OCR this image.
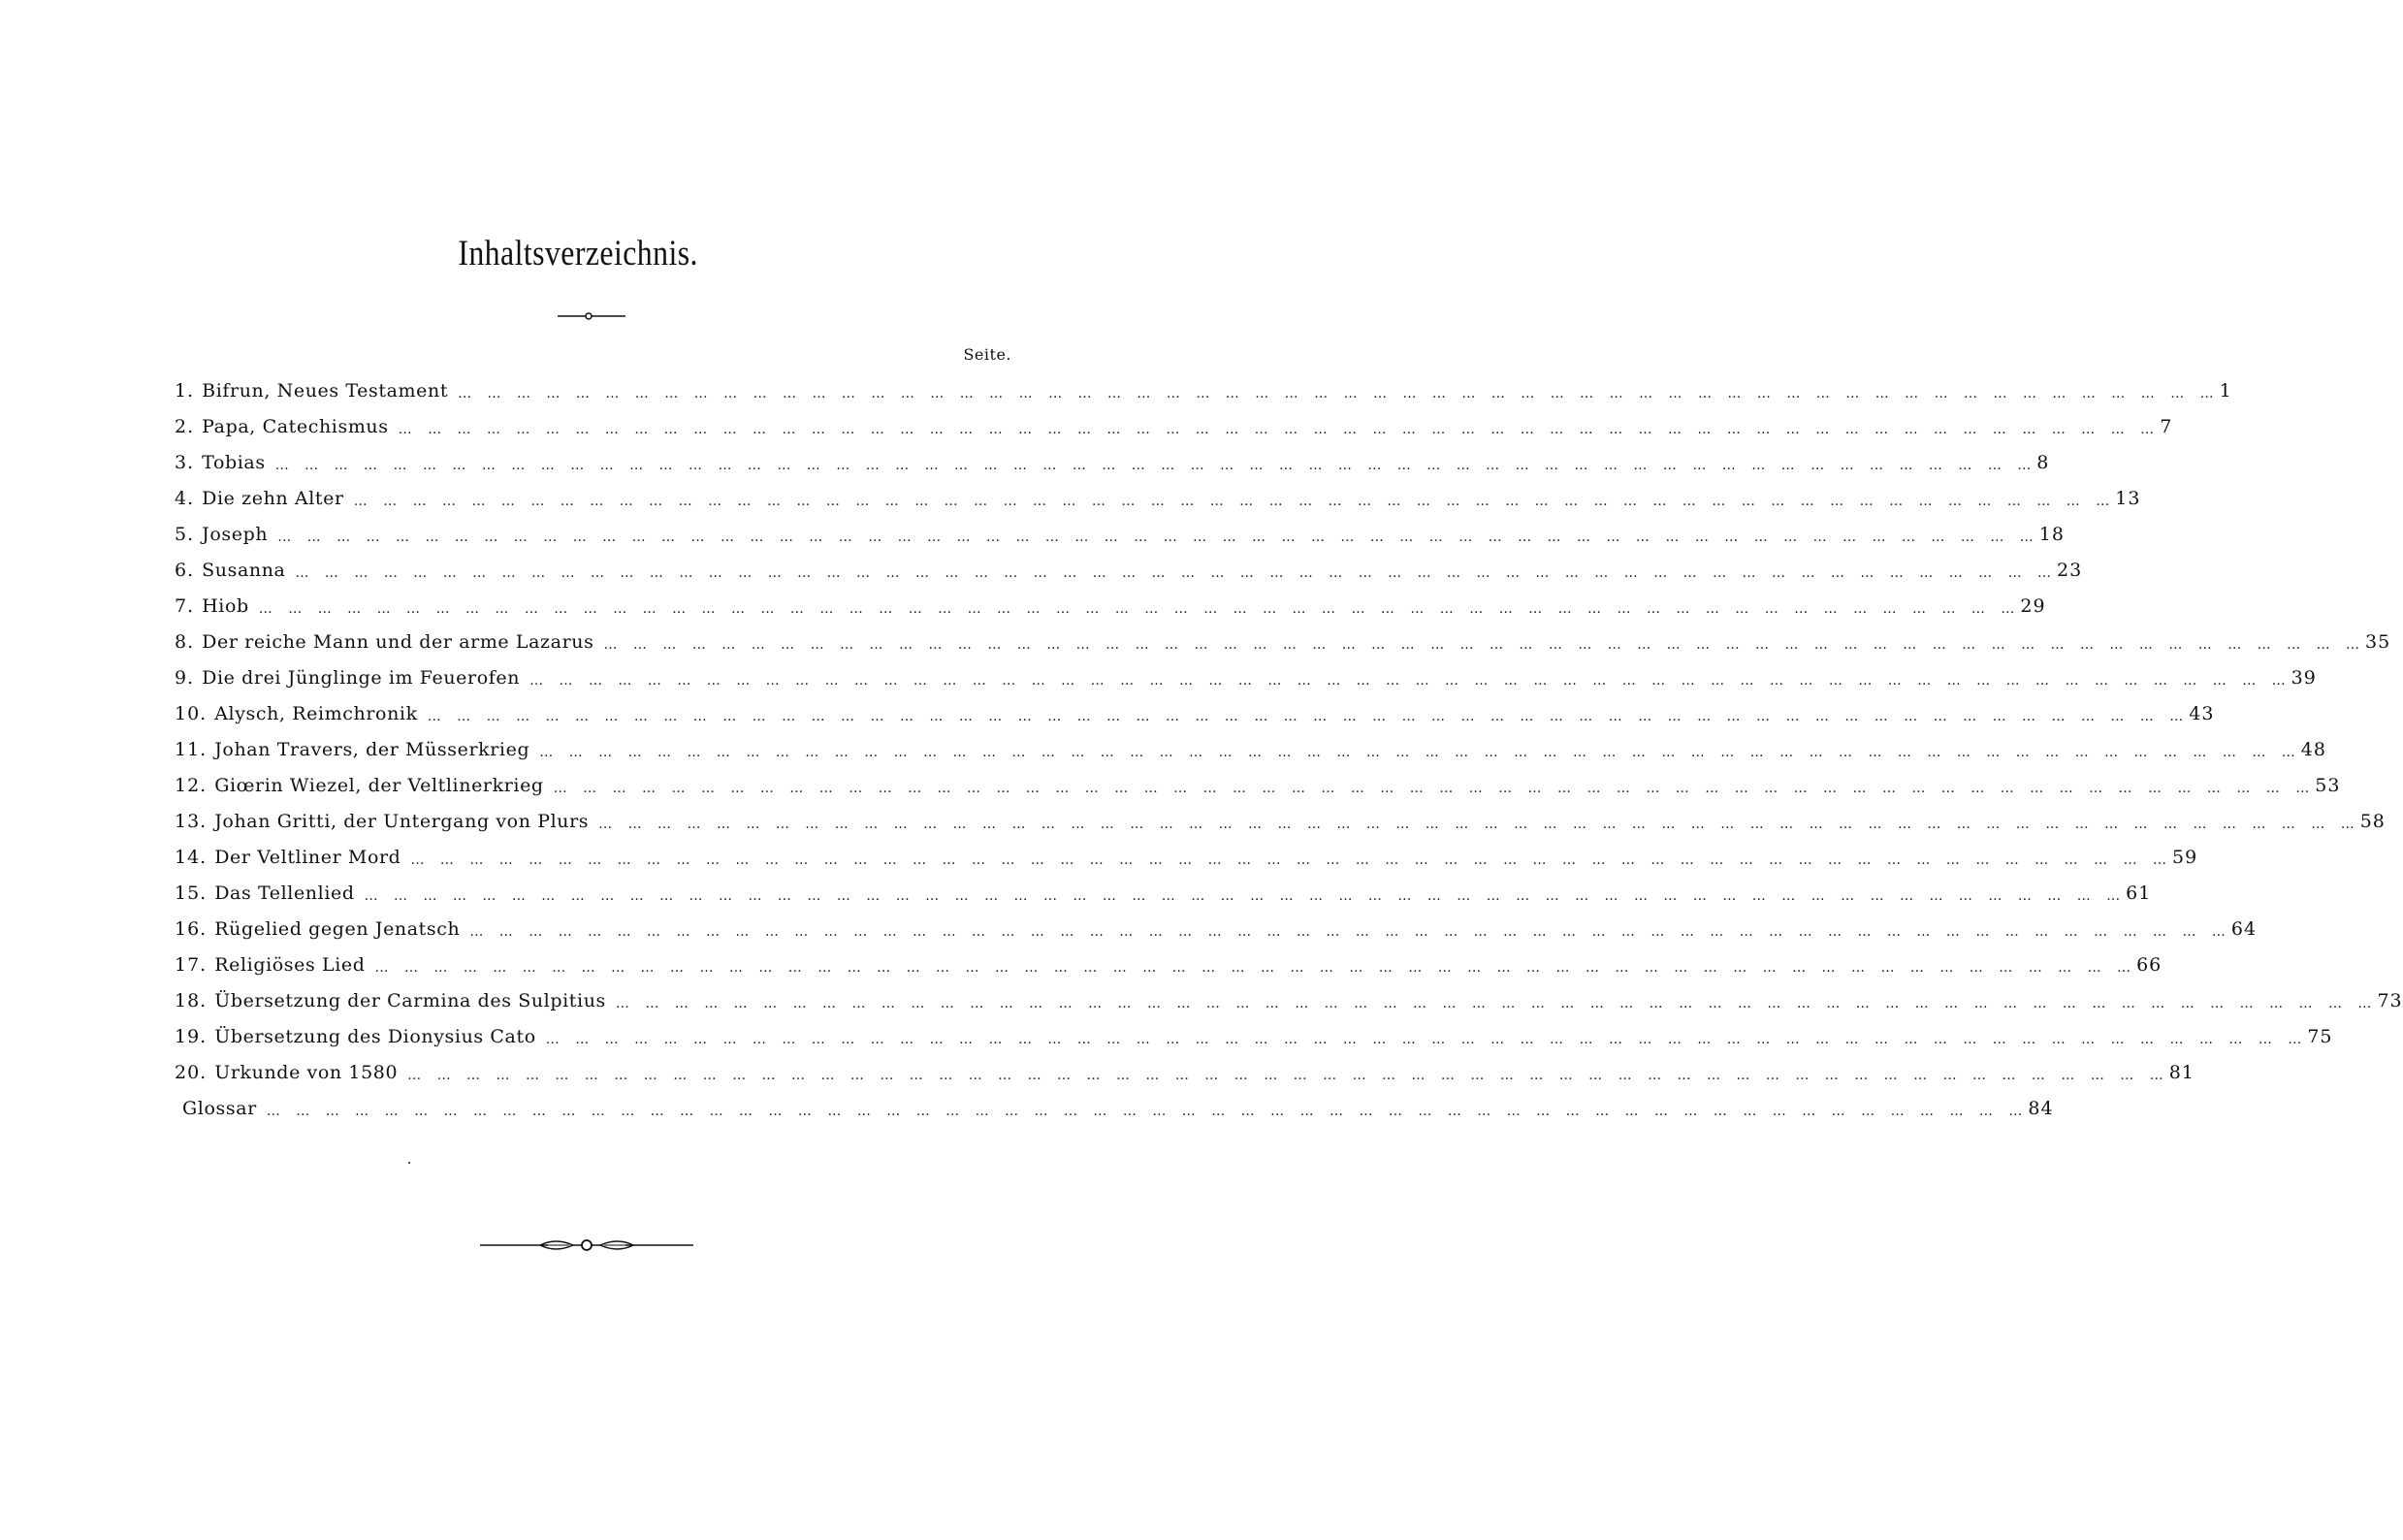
Inhaltsverzeichnis.
Seite.
1. Bifrun, Neues Testament … … … … … … … … … … … … … … … … … … … … … … … … … … … … … … … … … … … … … … … … … … … … … … … … … … … … … … … … … … … … 1
2. Papa, Catechismus … … … … … … … … … … … … … … … … … … … … … … … … … … … … … … … … … … … … … … … … … … … … … … … … … … … … … … … … … … … … 7
3. Tobias … … … … … … … … … … … … … … … … … … … … … … … … … … … … … … … … … … … … … … … … … … … … … … … … … … … … … … … … … … … … 8
4. Die zehn Alter … … … … … … … … … … … … … … … … … … … … … … … … … … … … … … … … … … … … … … … … … … … … … … … … … … … … … … … … … … … … 13
5. Joseph … … … … … … … … … … … … … … … … … … … … … … … … … … … … … … … … … … … … … … … … … … … … … … … … … … … … … … … … … … … … 18
6. Susanna … … … … … … … … … … … … … … … … … … … … … … … … … … … … … … … … … … … … … … … … … … … … … … … … … … … … … … … … … … … … 23
7. Hiob … … … … … … … … … … … … … … … … … … … … … … … … … … … … … … … … … … … … … … … … … … … … … … … … … … … … … … … … … … … … 29
8. Der reiche Mann und der arme Lazarus … … … … … … … … … … … … … … … … … … … … … … … … … … … … … … … … … … … … … … … … … … … … … … … … … … … … … … … … … … … … 35
9. Die drei Jünglinge im Feuerofen … … … … … … … … … … … … … … … … … … … … … … … … … … … … … … … … … … … … … … … … … … … … … … … … … … … … … … … … … … … … 39
10. Alysch, Reimchronik … … … … … … … … … … … … … … … … … … … … … … … … … … … … … … … … … … … … … … … … … … … … … … … … … … … … … … … … … … … … 43
11. Johan Travers, der Müsserkrieg … … … … … … … … … … … … … … … … … … … … … … … … … … … … … … … … … … … … … … … … … … … … … … … … … … … … … … … … … … … … 48
12. Giœrin Wiezel, der Veltlinerkrieg … … … … … … … … … … … … … … … … … … … … … … … … … … … … … … … … … … … … … … … … … … … … … … … … … … … … … … … … … … … … 53
13. Johan Gritti, der Untergang von Plurs … … … … … … … … … … … … … … … … … … … … … … … … … … … … … … … … … … … … … … … … … … … … … … … … … … … … … … … … … … … … 58
14. Der Veltliner Mord … … … … … … … … … … … … … … … … … … … … … … … … … … … … … … … … … … … … … … … … … … … … … … … … … … … … … … … … … … … … 59
15. Das Tellenlied … … … … … … … … … … … … … … … … … … … … … … … … … … … … … … … … … … … … … … … … … … … … … … … … … … … … … … … … … … … … 61
16. Rügelied gegen Jenatsch … … … … … … … … … … … … … … … … … … … … … … … … … … … … … … … … … … … … … … … … … … … … … … … … … … … … … … … … … … … … 64
17. Religiöses Lied … … … … … … … … … … … … … … … … … … … … … … … … … … … … … … … … … … … … … … … … … … … … … … … … … … … … … … … … … … … … 66
18. Übersetzung der Carmina des Sulpitius … … … … … … … … … … … … … … … … … … … … … … … … … … … … … … … … … … … … … … … … … … … … … … … … … … … … … … … … … … … … 73
19. Übersetzung des Dionysius Cato … … … … … … … … … … … … … … … … … … … … … … … … … … … … … … … … … … … … … … … … … … … … … … … … … … … … … … … … … … … … 75
20. Urkunde von 1580 … … … … … … … … … … … … … … … … … … … … … … … … … … … … … … … … … … … … … … … … … … … … … … … … … … … … … … … … … … … … 81
Glossar … … … … … … … … … … … … … … … … … … … … … … … … … … … … … … … … … … … … … … … … … … … … … … … … … … … … … … … … … … … … 84
